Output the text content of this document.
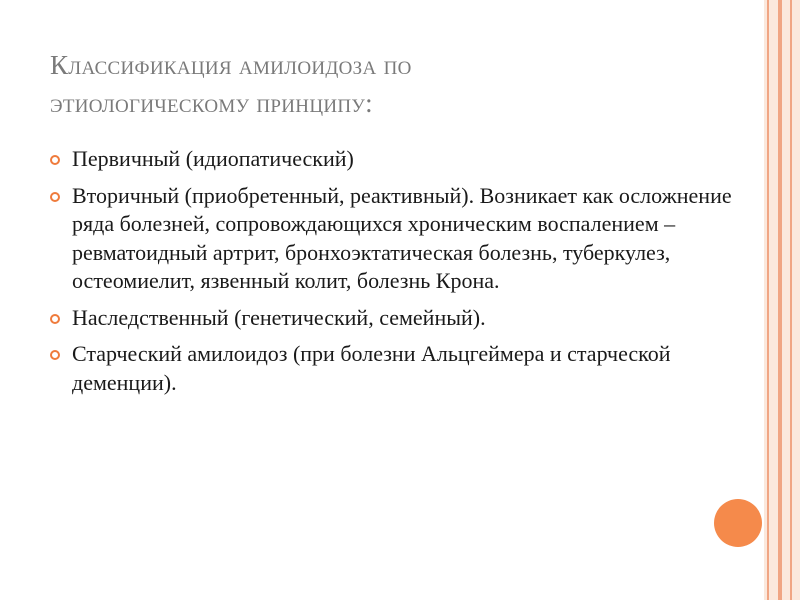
Классификация амилоидоза по
этиологическому принципу:
Первичный (идиопатический)
Вторичный (приобретенный, реактивный). Возникает как осложнение ряда болезней, сопровождающихся хроническим воспалением – ревматоидный артрит, бронхоэктатическая болезнь, туберкулез, остеомиелит, язвенный колит, болезнь Крона.
Наследственный (генетический, семейный).
Старческий амилоидоз (при болезни Альцгеймера и старческой деменции).
